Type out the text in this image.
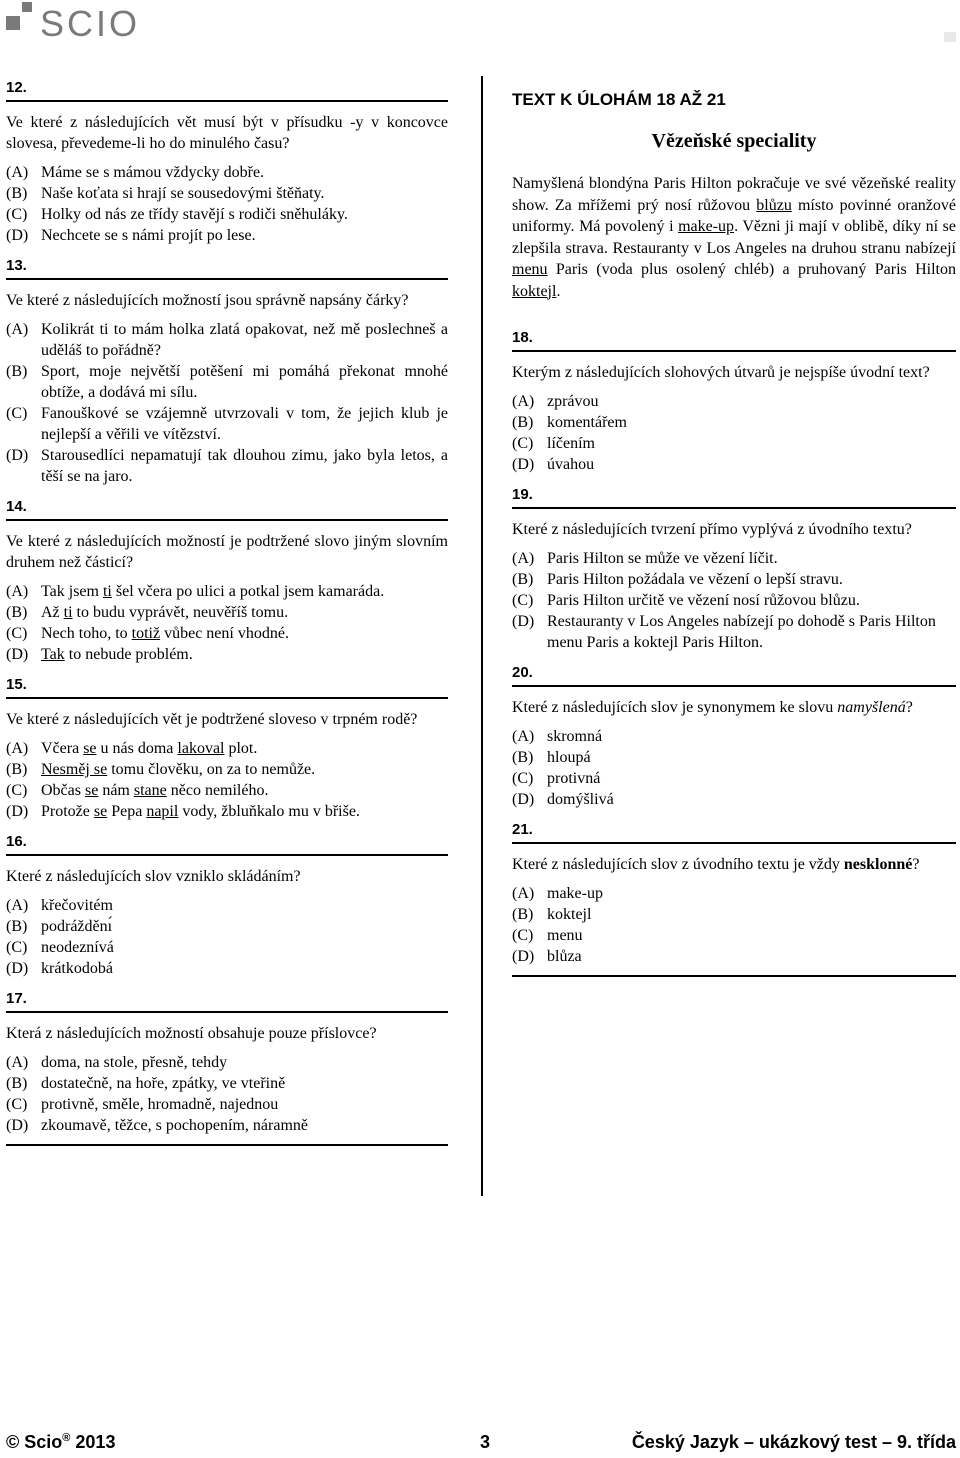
SCIO
12.
Ve které z následujících vět musí být v přísudku -y v koncovce slovesa, převedeme-li ho do minulého času?
(A) Máme se s mámou vždycky dobře.
(B) Naše koťata si hrají se sousedovými štěňaty.
(C) Holky od nás ze třídy stavějí s rodiči sněhuláky.
(D) Nechcete se s námi projít po lese.
13.
Ve které z následujících možností jsou správně napsány čárky?
(A) Kolikrát ti to mám holka zlatá opakovat, než mě poslechneš a uděláš to pořádně?
(B) Sport, moje největší potěšení mi pomáhá překonat mnohé obtíže, a dodává mi sílu.
(C) Fanouškové se vzájemně utvrzovali v tom, že jejich klub je nejlepší a věřili ve vítězství.
(D) Starousedlíci nepamatují tak dlouhou zimu, jako byla letos, a těší se na jaro.
14.
Ve které z následujících možností je podtržené slovo jiným slovním druhem než částicí?
(A) Tak jsem ti šel včera po ulici a potkal jsem kamaráda.
(B) Až ti to budu vyprávět, neuvěříš tomu.
(C) Nech toho, to totiž vůbec není vhodné.
(D) Tak to nebude problém.
15.
Ve které z následujících vět je podtržené sloveso v trpném rodě?
(A) Včera se u nás doma lakoval plot.
(B) Nesměj se tomu člověku, on za to nemůže.
(C) Občas se nám stane něco nemilého.
(D) Protože se Pepa napil vody, žbluňkalo mu v břiše.
16.
Které z následujících slov vzniklo skládáním?
(A) křečovitém
(B) podrážděnı́
(C) neodeznívá
(D) krátkodobá
17.
Která z následujících možností obsahuje pouze příslovce?
(A) doma, na stole, přesně, tehdy
(B) dostatečně, na hoře, zpátky, ve vteřině
(C) protivně, směle, hromadně, najednou
(D) zkoumavě, těžce, s pochopením, náramně
TEXT K ÚLOHÁM 18 AŽ 21
Vězeňské speciality
Namyšlená blondýna Paris Hilton pokračuje ve své vězeňské reality show. Za mřížemi prý nosí růžovou blůzu místo povinné oranžové uniformy. Má povolený i make-up. Vězni ji mají v oblibě, díky ní se zlepšila strava. Restauranty v Los Angeles na druhou stranu nabízejí menu Paris (voda plus osolený chléb) a pruhovaný Paris Hilton koktejl.
18.
Kterým z následujících slohových útvarů je nejspíše úvodní text?
(A) zprávou
(B) komentářem
(C) líčením
(D) úvahou
19.
Které z následujících tvrzení přímo vyplývá z úvodního textu?
(A) Paris Hilton se může ve vězení líčit.
(B) Paris Hilton požádala ve vězení o lepší stravu.
(C) Paris Hilton určitě ve vězení nosí růžovou blůzu.
(D) Restauranty v Los Angeles nabízejí po dohodě s Paris Hilton menu Paris a koktejl Paris Hilton.
20.
Které z následujících slov je synonymem ke slovu namyšlená?
(A) skromná
(B) hloupá
(C) protivná
(D) domýšlivá
21.
Které z následujících slov z úvodního textu je vždy nesklonné?
(A) make-up
(B) koktejl
(C) menu
(D) blůza
© Scio® 2013	3	Český Jazyk – ukázkový test – 9. třída
